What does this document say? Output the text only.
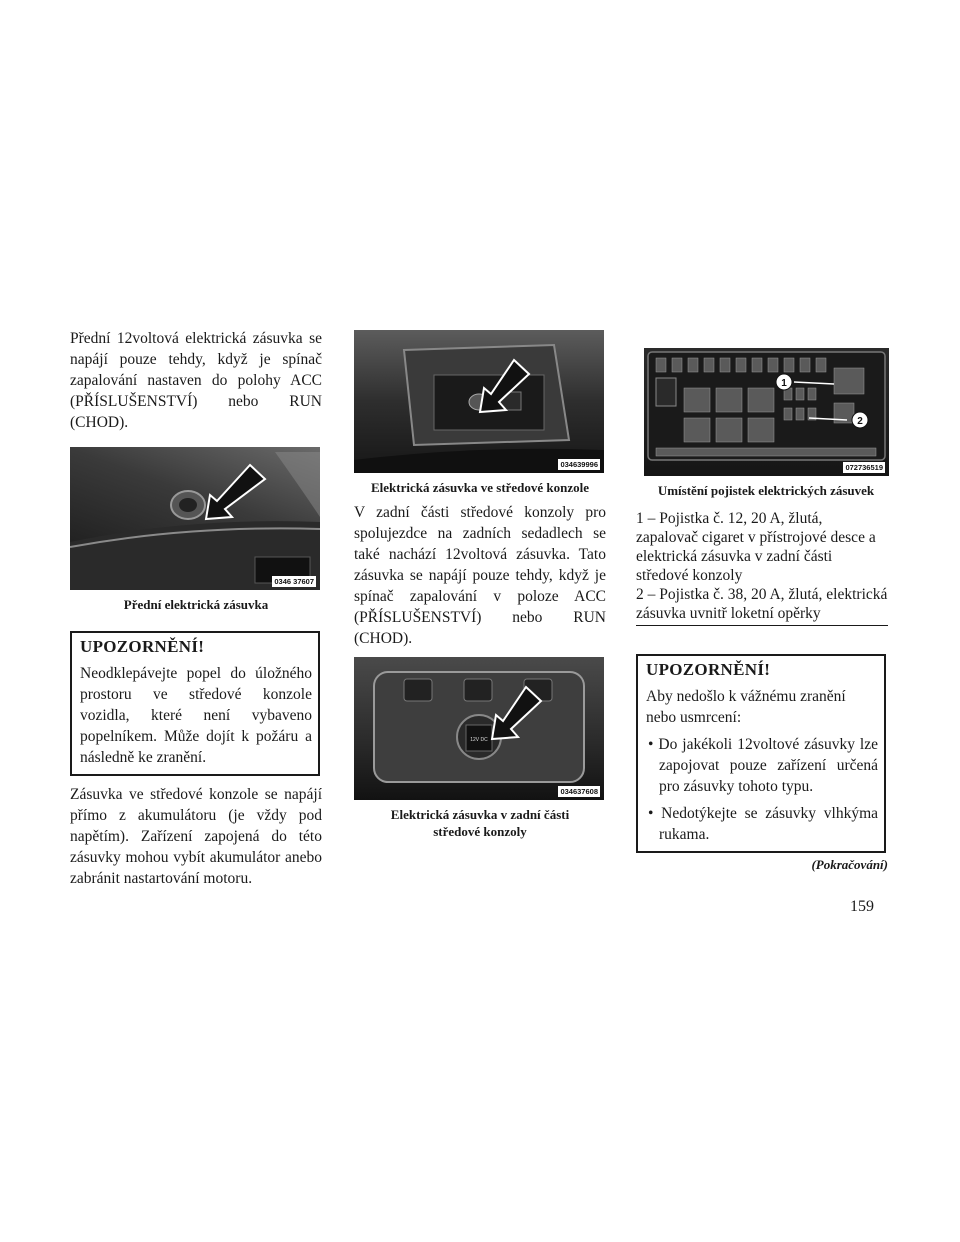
Přední 12voltová elektrická zásuvka se napájí pouze tehdy, když je spínač zapalování nastaven do polohy ACC (PŘÍSLUŠENSTVÍ) nebo RUN (CHOD).

0346 37607

Přední elektrická zásuvka

UPOZORNĚNÍ!

Neodklepávejte popel do úložného prostoru ve středové konzole vozidla, které není vybaveno popelníkem. Může dojít k požáru a následně ke zranění.

Zásuvka ve středové konzole se napájí přímo z akumulátoru (je vždy pod napětím). Zařízení zapojená do této zásuvky mohou vybít akumulátor anebo zabránit nastartování motoru.

034639996

Elektrická zásuvka ve středové konzole

V zadní části středové konzoly pro spolujezdce na zadních sedadlech se také nachází 12voltová zásuvka. Tato zásuvka se napájí pouze tehdy, když je spínač zapalování v poloze ACC (PŘÍSLUŠENSTVÍ) nebo RUN (CHOD).

12V DC
034637608

Elektrická zásuvka v zadní části středové konzoly

1
2
072736519

Umístění pojistek elektrických zásuvek

1 – Pojistka č. 12, 20 A, žlutá, zapalovač cigaret v přístrojové desce a elektrická zásuvka v zadní části středové konzoly

2 – Pojistka č. 38, 20 A, žlutá, elektrická zásuvka uvnitř loketní opěrky

UPOZORNĚNÍ!

Aby nedošlo k vážnému zranění nebo usmrcení:

• Do jakékoli 12voltové zásuvky lze zapojovat pouze zařízení určená pro zásuvky tohoto typu.
• Nedotýkejte se zásuvky vlhkýma rukama.
(Pokračování)
159
